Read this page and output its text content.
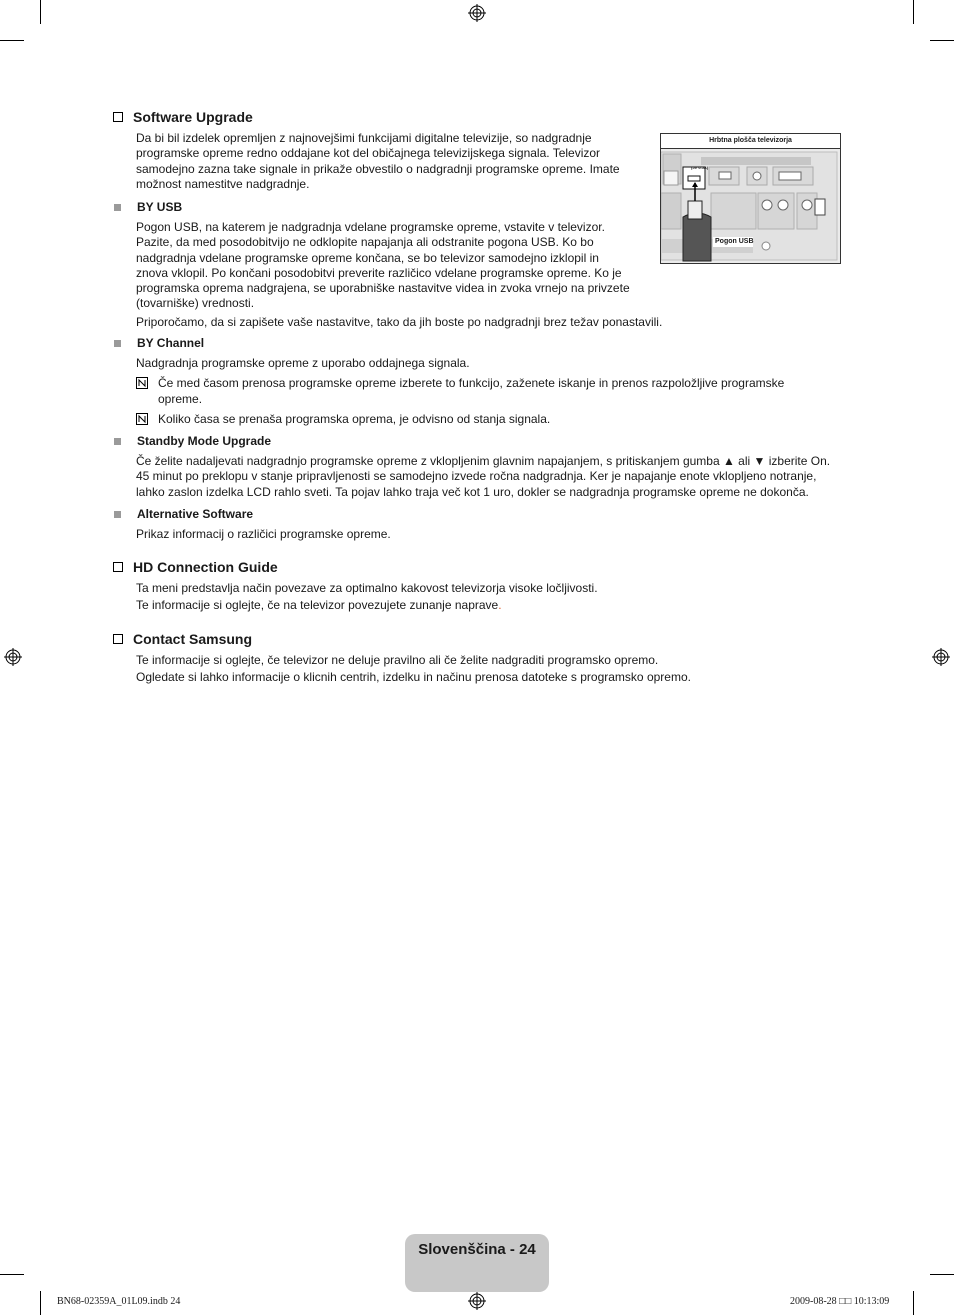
Software Upgrade
Da bi bil izdelek opremljen z najnovejšimi funkcijami digitalne televizije, so nadgradnje
programske opreme redno oddajane kot del običajnega televizijskega signala. Televizor
samodejno zazna take signale in prikaže obvestilo o nadgradnji programske opreme. Imate
možnost namestitve nadgradnje.
Hrbtna plošča televizorja
(5V 0.5A)
Pogon USB
BY USB
Pogon USB, na katerem je nadgradnja vdelane programske opreme, vstavite v televizor.
Pazite, da med posodobitvijo ne odklopite napajanja ali odstranite pogona USB. Ko bo
nadgradnja vdelane programske opreme končana, se bo televizor samodejno izklopil in
znova vklopil. Po končani posodobitvi preverite različico vdelane programske opreme. Ko je
programska oprema nadgrajena, se uporabniške nastavitve videa in zvoka vrnejo na privzete
(tovarniške) vrednosti.
Priporočamo, da si zapišete vaše nastavitve, tako da jih boste po nadgradnji brez težav ponastavili.
BY Channel
Nadgradnja programske opreme z uporabo oddajnega signala.
Če med časom prenosa programske opreme izberete to funkcijo, zaženete iskanje in prenos razpoložljive programske
opreme.
Koliko časa se prenaša programska oprema, je odvisno od stanja signala.
Standby Mode Upgrade
Če želite nadaljevati nadgradnjo programske opreme z vklopljenim glavnim napajanjem, s pritiskanjem gumba ▲ ali ▼ izberite On.
45 minut po preklopu v stanje pripravljenosti se samodejno izvede ročna nadgradnja. Ker je napajanje enote vklopljeno notranje,
lahko zaslon izdelka LCD rahlo sveti. Ta pojav lahko traja več kot 1 uro, dokler se nadgradnja programske opreme ne dokonča.
Alternative Software
Prikaz informacij o različici programske opreme.
HD Connection Guide
Ta meni predstavlja način povezave za optimalno kakovost televizorja visoke ločljivosti.
Te informacije si oglejte, če na televizor povezujete zunanje naprave.
Contact Samsung
Te informacije si oglejte, če televizor ne deluje pravilno ali če želite nadgraditi programsko opremo.
Ogledate si lahko informacije o klicnih centrih, izdelku in načinu prenosa datoteke s programsko opremo.
Slovenščina - 24
BN68-02359A_01L09.indb 24	2009-08-28 □□ 10:13:09
